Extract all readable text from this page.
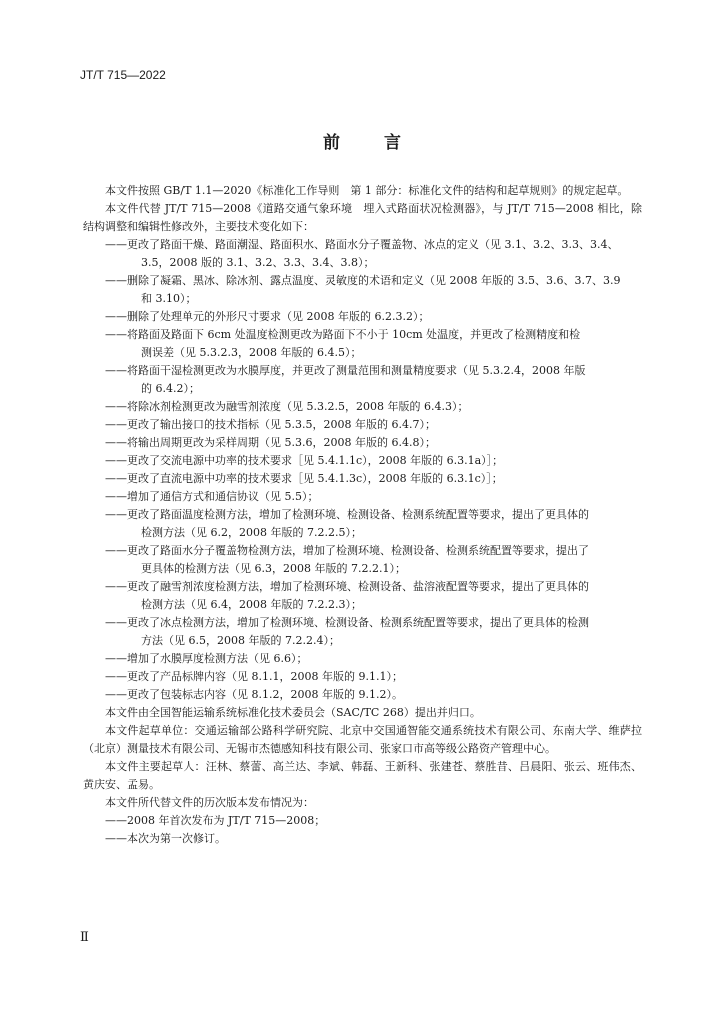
JT/T 715—2022
前	言

本文件按照 GB/T 1.1—2020《标准化工作导则　第 1 部分：标准化文件的结构和起草规则》的规定起草。

本文件代替 JT/T 715—2008《道路交通气象环境　埋入式路面状况检测器》，与 JT/T 715—2008 相比，除结构调整和编辑性修改外，主要技术变化如下：

——更改了路面干燥、路面潮湿、路面积水、路面水分子覆盖物、冰点的定义（见 3.1、3.2、3.3、3.4、
3.5，2008 版的 3.1、3.2、3.3、3.4、3.8）；

——删除了凝霜、黑冰、除冰剂、露点温度、灵敏度的术语和定义（见 2008 年版的 3.5、3.6、3.7、3.9
和 3.10）；

——删除了处理单元的外形尺寸要求（见 2008 年版的 6.2.3.2）；

——将路面及路面下 6cm 处温度检测更改为路面下不小于 10cm 处温度，并更改了检测精度和检
测误差（见 5.3.2.3，2008 年版的 6.4.5）；

——将路面干湿检测更改为水膜厚度，并更改了测量范围和测量精度要求（见 5.3.2.4，2008 年版
的 6.4.2）；

——将除冰剂检测更改为融雪剂浓度（见 5.3.2.5，2008 年版的 6.4.3）；

——更改了输出接口的技术指标（见 5.3.5，2008 年版的 6.4.7）；

——将输出周期更改为采样周期（见 5.3.6，2008 年版的 6.4.8）；

——更改了交流电源中功率的技术要求［见 5.4.1.1c），2008 年版的 6.3.1a）］；

——更改了直流电源中功率的技术要求［见 5.4.1.3c），2008 年版的 6.3.1c）］；

——增加了通信方式和通信协议（见 5.5）；

——更改了路面温度检测方法，增加了检测环境、检测设备、检测系统配置等要求，提出了更具体的
检测方法（见 6.2，2008 年版的 7.2.2.5）；

——更改了路面水分子覆盖物检测方法，增加了检测环境、检测设备、检测系统配置等要求，提出了
更具体的检测方法（见 6.3，2008 年版的 7.2.2.1）；

——更改了融雪剂浓度检测方法，增加了检测环境、检测设备、盐溶液配置等要求，提出了更具体的
检测方法（见 6.4，2008 年版的 7.2.2.3）；

——更改了冰点检测方法，增加了检测环境、检测设备、检测系统配置等要求，提出了更具体的检测
方法（见 6.5，2008 年版的 7.2.2.4）；

——增加了水膜厚度检测方法（见 6.6）；

——更改了产品标牌内容（见 8.1.1，2008 年版的 9.1.1）；

——更改了包装标志内容（见 8.1.2，2008 年版的 9.1.2）。

本文件由全国智能运输系统标准化技术委员会（SAC/TC 268）提出并归口。

本文件起草单位：交通运输部公路科学研究院、北京中交国通智能交通系统技术有限公司、东南大学、维萨拉（北京）测量技术有限公司、无锡市杰德感知科技有限公司、张家口市高等级公路资产管理中心。

本文件主要起草人：汪林、蔡蕾、高兰达、李斌、韩磊、王新科、张建苍、蔡胜昔、吕晨阳、张云、班伟杰、黄庆安、孟易。

本文件所代替文件的历次版本发布情况为：

——2008 年首次发布为 JT/T 715—2008；

——本次为第一次修订。

Ⅱ
